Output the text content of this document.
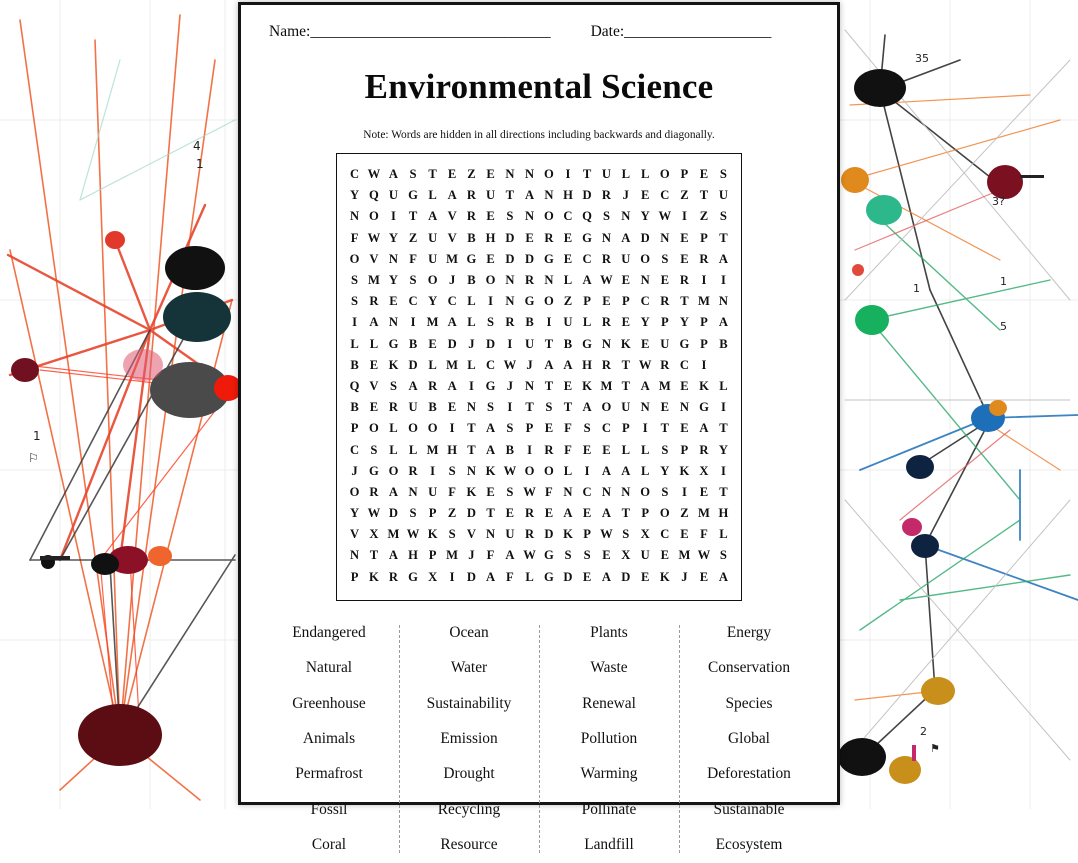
4
1
1
⚐
35
3?
1
1
5
2
⚑
Name:_______________________________	Date:___________________
Environmental Science
Note: Words are hidden in all directions including backwards and diagonally.
C	W	A	S	T	E	Z	E	N	N	O	I	T	U	L	L	O	P	E	S
Y	Q	U	G	L	A	R	U	T	A	N	H	D	R	J	E	C	Z	T	U
N	O	I	T	A	V	R	E	S	N	O	C	Q	S	N	Y	W	I	Z	S
F	W	Y	Z	U	V	B	H	D	E	R	E	G	N	A	D	N	E	P	T
O	V	N	F	U	M	G	E	D	D	G	E	C	R	U	O	S	E	R	A
S	M	Y	S	O	J	B	O	N	R	N	L	A	W	E	N	E	R	I	I
S	R	E	C	Y	C	L	I	N	G	O	Z	P	E	P	C	R	T	M	N
I	A	N	I	M	A	L	S	R	B	I	U	L	R	E	Y	P	Y	P	A
L	L	G	B	E	D	J	D	I	U	T	B	G	N	K	E	U	G	P	B
B	E	K	D	L	M	L	C	W	J	A	A	H	R	T	W	R	C	I	
Q	V	S	A	R	A	I	G	J	N	T	E	K	M	T	A	M	E	K	L
B	E	R	U	B	E	N	S	I	T	S	T	A	O	U	N	E	N	G	I
P	O	L	O	O	I	T	A	S	P	E	F	S	C	P	I	T	E	A	T
C	S	L	L	M	H	T	A	B	I	R	F	E	E	L	L	S	P	R	Y
J	G	O	R	I	S	N	K	W	O	O	L	I	A	A	L	Y	K	X	I
O	R	A	N	U	F	K	E	S	W	F	N	C	N	N	O	S	I	E	T
Y	W	D	S	P	Z	D	T	E	R	E	A	E	A	T	P	O	Z	M	H
V	X	M	W	K	S	V	N	U	R	D	K	P	W	S	X	C	E	F	L
N	T	A	H	P	M	J	F	A	W	G	S	S	E	X	U	E	M	W	S
P	K	R	G	X	I	D	A	F	L	G	D	E	A	D	E	K	J	E	A
Endangered
Natural
Greenhouse
Animals
Permafrost
Fossil
Coral
Ocean
Water
Sustainability
Emission
Drought
Recycling
Resource
Plants
Waste
Renewal
Pollution
Warming
Pollinate
Landfill
Energy
Conservation
Species
Global
Deforestation
Sustainable
Ecosystem
